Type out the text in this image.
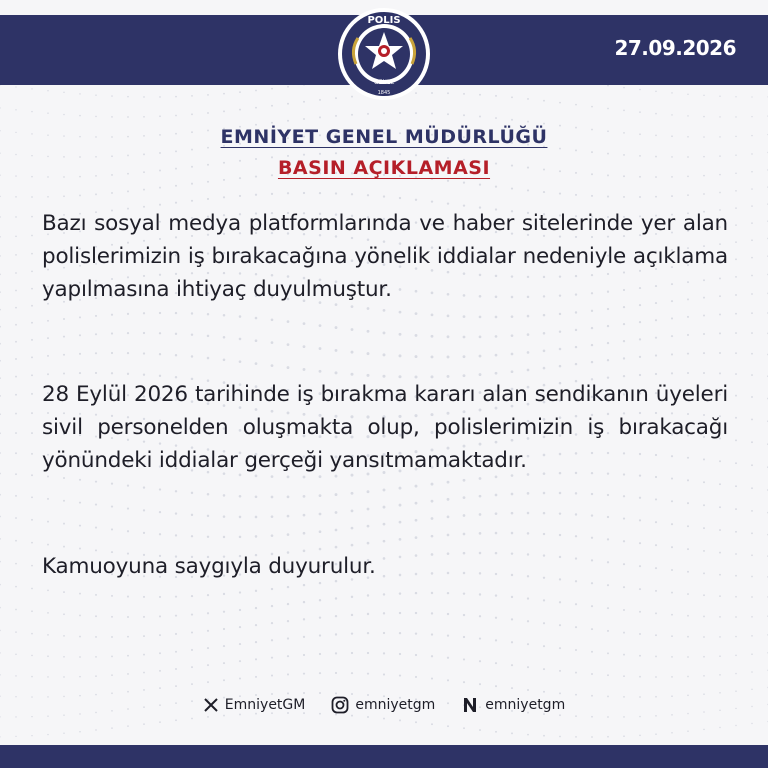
27.09.2026
POLIS
GENEL
1845
EMNİYET GENEL MÜDÜRLÜĞÜ
BASIN AÇIKLAMASI
Bazı sosyal medya platformlarında ve haber sitelerinde yer alan polislerimizin iş bırakacağına yönelik iddialar nedeniyle açıklama yapılmasına ihtiyaç duyulmuştur.
28 Eylül 2026 tarihinde iş bırakma kararı alan sendikanın üyeleri sivil personelden oluşmakta olup, polislerimizin iş bırakacağı yönündeki iddialar gerçeği yansıtmamaktadır.
Kamuoyuna saygıyla duyurulur.
EmniyetGM	emniyetgm	emniyetgm
